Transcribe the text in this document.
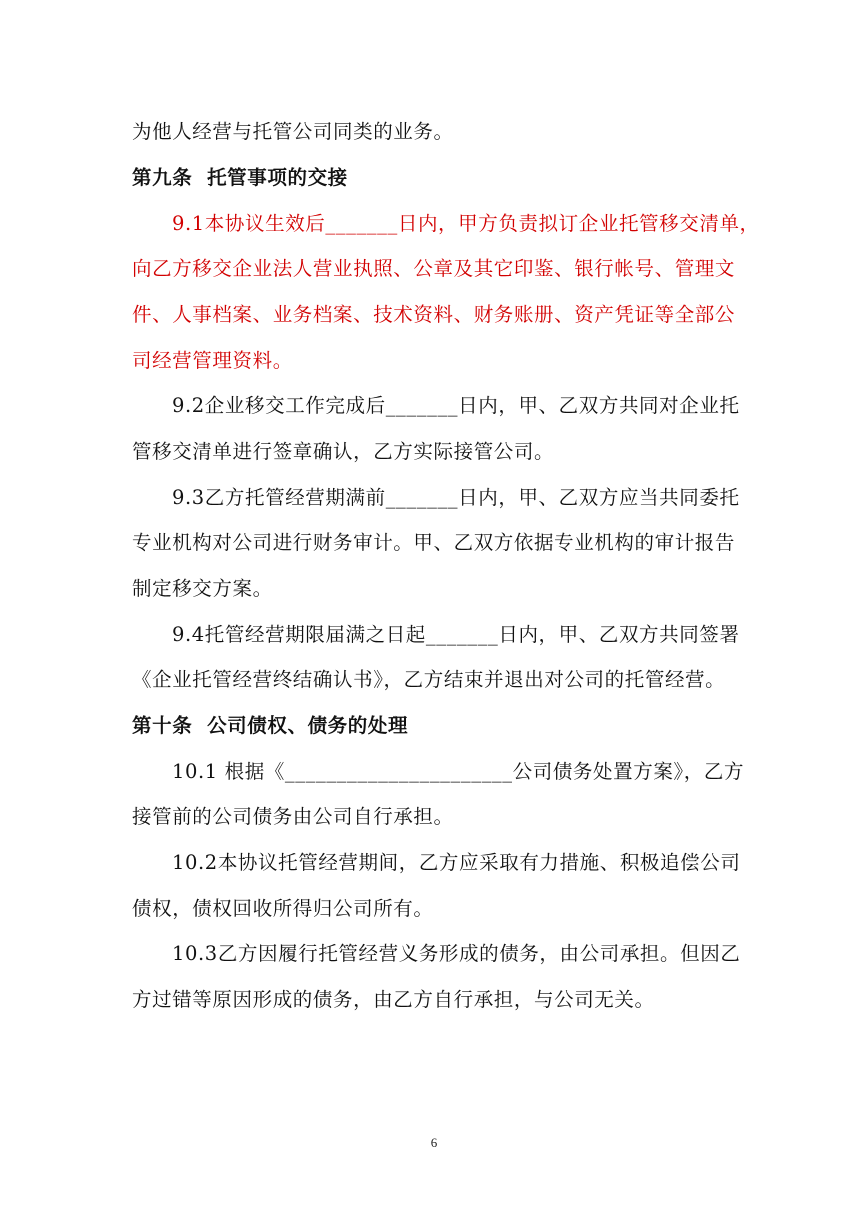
为他人经营与托管公司同类的业务。
第九条  托管事项的交接
9.1本协议生效后_______日内，甲方负责拟订企业托管移交清单，
向乙方移交企业法人营业执照、公章及其它印鉴、银行帐号、管理文
件、人事档案、业务档案、技术资料、财务账册、资产凭证等全部公
司经营管理资料。
9.2企业移交工作完成后_______日内，甲、乙双方共同对企业托
管移交清单进行签章确认，乙方实际接管公司。
9.3乙方托管经营期满前_______日内，甲、乙双方应当共同委托
专业机构对公司进行财务审计。甲、乙双方依据专业机构的审计报告
制定移交方案。
9.4托管经营期限届满之日起_______日内，甲、乙双方共同签署
《企业托管经营终结确认书》，乙方结束并退出对公司的托管经营。
第十条  公司债权、债务的处理
10.1 根据《______________________公司债务处置方案》，乙方
接管前的公司债务由公司自行承担。
10.2本协议托管经营期间，乙方应采取有力措施、积极追偿公司
债权，债权回收所得归公司所有。
10.3乙方因履行托管经营义务形成的债务，由公司承担。但因乙
方过错等原因形成的债务，由乙方自行承担，与公司无关。
6
